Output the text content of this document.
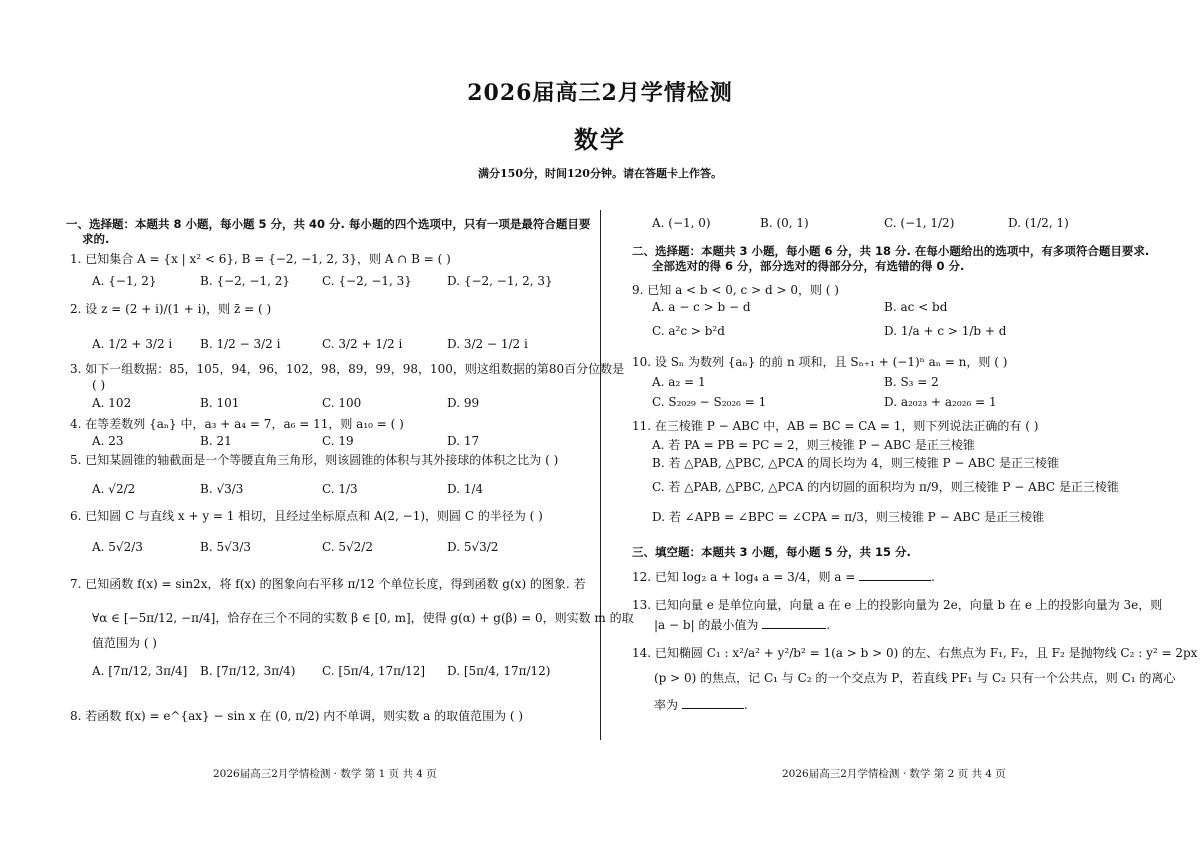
2026届高三2月学情检测
数学
满分150分，时间120分钟。请在答题卡上作答。
一、选择题：本题共 8 小题，每小题 5 分，共 40 分. 每小题的四个选项中，只有一项是最符合题目要
求的.
1. 已知集合 A = {x | x² < 6}, B = {−2, −1, 2, 3}，则 A ∩ B = ( )
A. {−1, 2}	B. {−2, −1, 2}	C. {−2, −1, 3}	D. {−2, −1, 2, 3}
2. 设 z = (2 + i)/(1 + i)，则 z̄ = ( )
A. 1/2 + 3/2 i B. 1/2 − 3/2 i	C. 3/2 + 1/2 i	D. 3/2 − 1/2 i
3. 如下一组数据：85，105，94，96，102，98，89，99，98，100，则这组数据的第80百分位数是
( )
A. 102	B. 101	C. 100	D. 99
4. 在等差数列 {aₙ} 中，a₃ + a₄ = 7，a₆ = 11，则 a₁₀ = ( )
A. 23	B. 21	C. 19	D. 17
5. 已知某圆锥的轴截面是一个等腰直角三角形，则该圆锥的体积与其外接球的体积之比为 ( )
A. √2/2	B. √3/3	C. 1/3	D. 1/4
6. 已知圆 C 与直线 x + y = 1 相切，且经过坐标原点和 A(2, −1)，则圆 C 的半径为 ( )
A. 5√2/3	B. 5√3/3	C. 5√2/2	D. 5√3/2
7. 已知函数 f(x) = sin2x，将 f(x) 的图象向右平移 π/12 个单位长度，得到函数 g(x) 的图象. 若
∀α ∈ [−5π/12, −π/4]，恰存在三个不同的实数 β ∈ [0, m]，使得 g(α) + g(β) = 0，则实数 m 的取
值范围为 ( )
A. [7π/12, 3π/4] B. [7π/12, 3π/4) C. [5π/4, 17π/12] D. [5π/4, 17π/12)
8. 若函数 f(x) = e^{ax} − sin x 在 (0, π/2) 内不单调，则实数 a 的取值范围为 ( )
A. (−1, 0)	B. (0, 1)	C. (−1, 1/2)	D. (1/2, 1)
二、选择题：本题共 3 小题，每小题 6 分，共 18 分. 在每小题给出的选项中，有多项符合题目要求.
全部选对的得 6 分，部分选对的得部分分，有选错的得 0 分.
9. 已知 a < b < 0, c > d > 0，则 ( )
A. a − c > b − d	B. ac < bd
C. a²c > b²d	D. 1/a + c > 1/b + d
10. 设 Sₙ 为数列 {aₙ} 的前 n 项和，且 Sₙ₊₁ + (−1)ⁿ aₙ = n，则 ( )
A. a₂ = 1	B. S₃ = 2
C. S₂₀₂₉ − S₂₀₂₆ = 1	D. a₂₀₂₃ + a₂₀₂₆ = 1
11. 在三棱锥 P − ABC 中，AB = BC = CA = 1，则下列说法正确的有 ( )
A. 若 PA = PB = PC = 2，则三棱锥 P − ABC 是正三棱锥
B. 若 △PAB, △PBC, △PCA 的周长均为 4，则三棱锥 P − ABC 是正三棱锥
C. 若 △PAB, △PBC, △PCA 的内切圆的面积均为 π/9，则三棱锥 P − ABC 是正三棱锥
D. 若 ∠APB = ∠BPC = ∠CPA = π/3，则三棱锥 P − ABC 是正三棱锥
三、填空题：本题共 3 小题，每小题 5 分，共 15 分.
12. 已知 log₂ a + log₄ a = 3/4，则 a =	.
13. 已知向量 e 是单位向量，向量 a 在 e 上的投影向量为 2e，向量 b 在 e 上的投影向量为 3e，则
|a − b| 的最小值为	.
14. 已知椭圆 C₁ : x²/a² + y²/b² = 1(a > b > 0) 的左、右焦点为 F₁, F₂，且 F₂ 是抛物线 C₂ : y² = 2px
(p > 0) 的焦点，记 C₁ 与 C₂ 的一个交点为 P，若直线 PF₁ 与 C₂ 只有一个公共点，则 C₁ 的离心
率为	.
2026届高三2月学情检测 · 数学 第 1 页 共 4 页	2026届高三2月学情检测 · 数学 第 2 页 共 4 页
